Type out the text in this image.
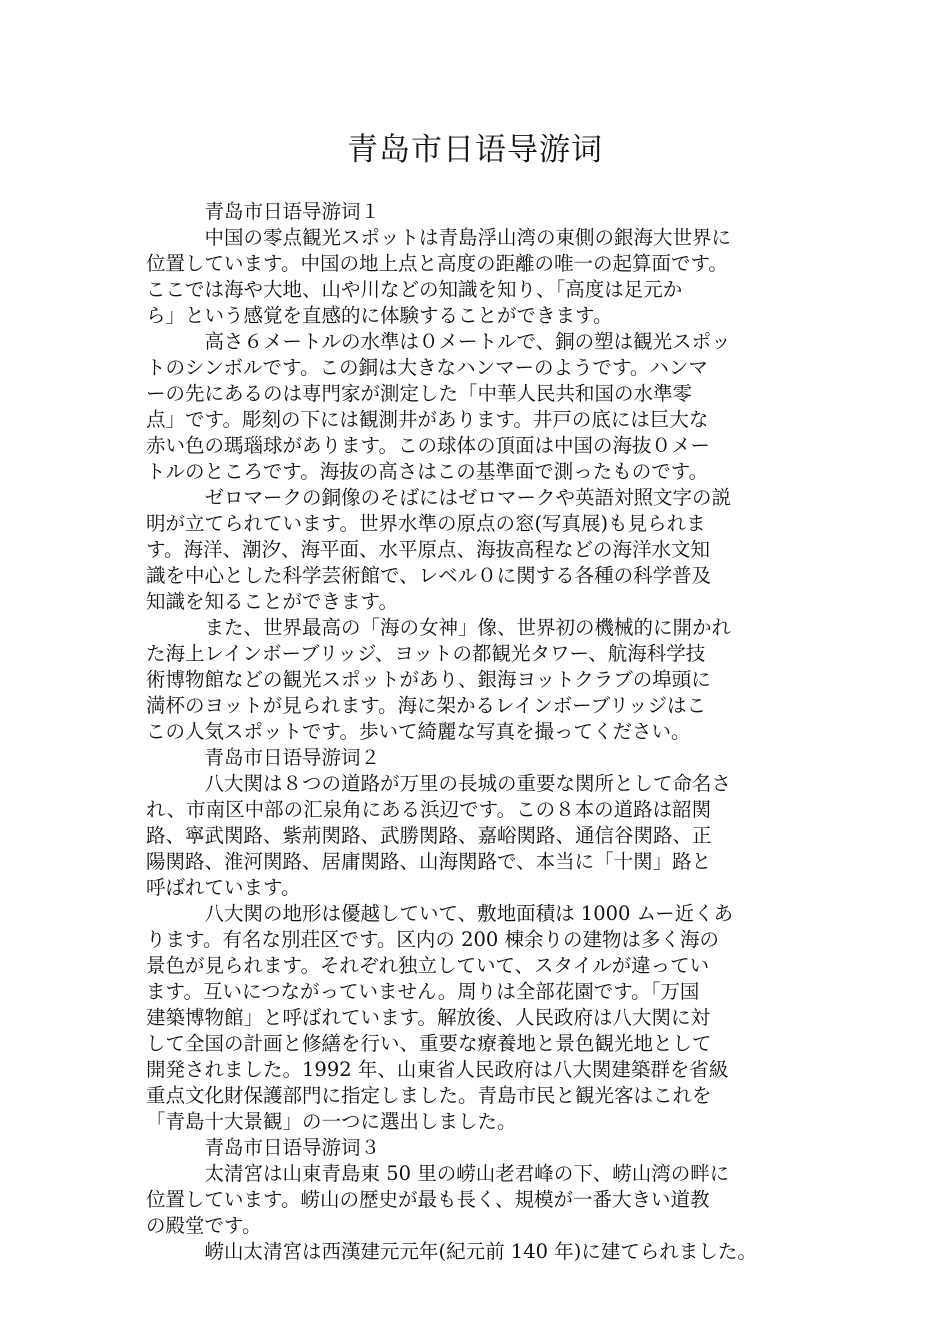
青岛市日语导游词
　　　青岛市日语导游词１
　　　中国の零点観光スポットは青島浮山湾の東側の銀海大世界に
位置しています。中国の地上点と高度の距離の唯一の起算面です。
ここでは海や大地、山や川などの知識を知り、「高度は足元か
ら」という感覚を直感的に体験することができます。
　　　高さ６メートルの水準は０メートルで、銅の塑は観光スポッ
トのシンボルです。この銅は大きなハンマーのようです。ハンマ
ーの先にあるのは専門家が測定した「中華人民共和国の水準零
点」です。彫刻の下には観測井があります。井戸の底には巨大な
赤い色の瑪瑙球があります。この球体の頂面は中国の海抜０メー
トルのところです。海抜の高さはこの基準面で測ったものです。
　　　ゼロマークの銅像のそばにはゼロマークや英語対照文字の説
明が立てられています。世界水準の原点の窓(写真展)も見られま
す。海洋、潮汐、海平面、水平原点、海抜高程などの海洋水文知
識を中心とした科学芸術館で、レベル０に関する各種の科学普及
知識を知ることができます。
　　　また、世界最高の「海の女神」像、世界初の機械的に開かれ
た海上レインボーブリッジ、ヨットの都観光タワー、航海科学技
術博物館などの観光スポットがあり、銀海ヨットクラブの埠頭に
満杯のヨットが見られます。海に架かるレインボーブリッジはこ
この人気スポットです。歩いて綺麗な写真を撮ってください。
　　　青岛市日语导游词２
　　　八大関は８つの道路が万里の長城の重要な関所として命名さ
れ、市南区中部の汇泉角にある浜辺です。この８本の道路は韶関
路、寧武関路、紫荊関路、武勝関路、嘉峪関路、通信谷関路、正
陽関路、淮河関路、居庸関路、山海関路で、本当に「十関」路と
呼ばれています。
　　　八大関の地形は優越していて、敷地面積は 1000 ムー近くあ
ります。有名な別荘区です。区内の 200 棟余りの建物は多く海の
景色が見られます。それぞれ独立していて、スタイルが違ってい
ます。互いにつながっていません。周りは全部花園です。「万国
建築博物館」と呼ばれています。解放後、人民政府は八大関に対
して全国の計画と修繕を行い、重要な療養地と景色観光地として
開発されました。1992 年、山東省人民政府は八大関建築群を省級
重点文化財保護部門に指定しました。青島市民と観光客はこれを
「青島十大景観」の一つに選出しました。
　　　青岛市日语导游词３
　　　太清宮は山東青島東 50 里の崂山老君峰の下、崂山湾の畔に
位置しています。崂山の歴史が最も長く、規模が一番大きい道教
の殿堂です。
　　　崂山太清宮は西漢建元元年(紀元前 140 年)に建てられました。
